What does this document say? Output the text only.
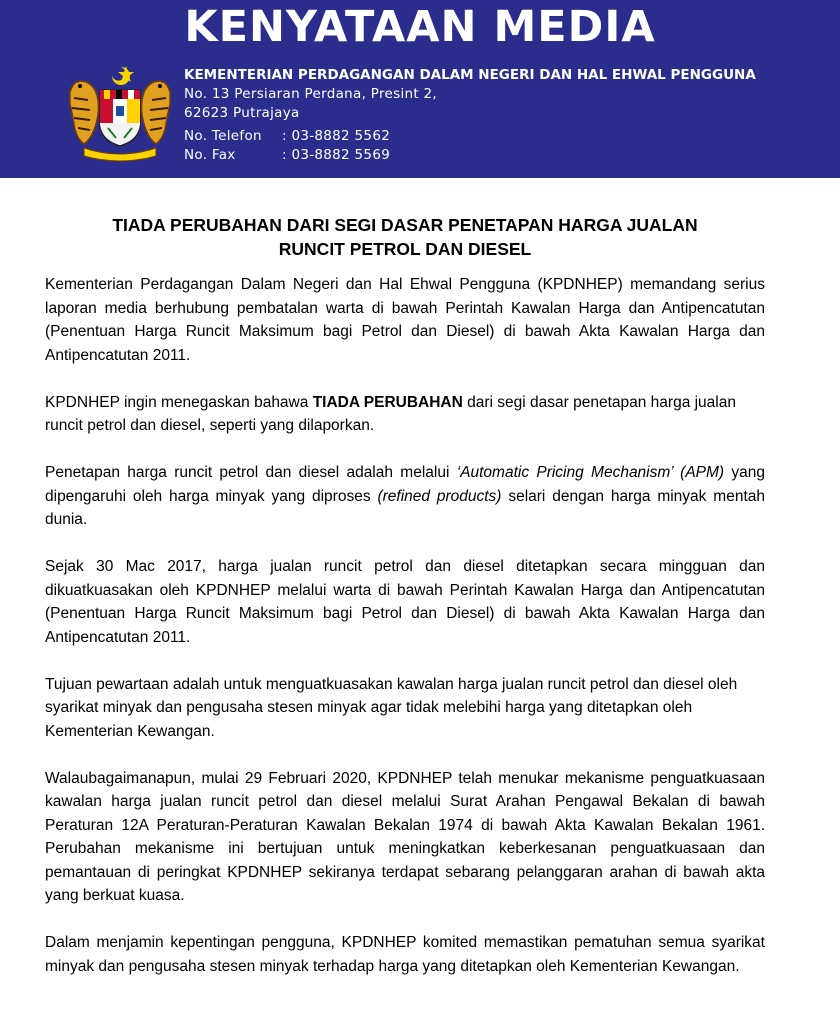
KENYATAAN MEDIA
KEMENTERIAN PERDAGANGAN DALAM NEGERI DAN HAL EHWAL PENGGUNA
No. 13 Persiaran Perdana, Presint 2,
62623 Putrajaya
No. Telefon	: 03-8882 5562
No. Fax	: 03-8882 5569
TIADA PERUBAHAN DARI SEGI DASAR PENETAPAN HARGA JUALAN
RUNCIT PETROL DAN DIESEL

Kementerian Perdagangan Dalam Negeri dan Hal Ehwal Pengguna (KPDNHEP) memandang serius laporan media berhubung pembatalan warta di bawah Perintah Kawalan Harga dan Antipencatutan (Penentuan Harga Runcit Maksimum bagi Petrol dan Diesel) di bawah Akta Kawalan Harga dan Antipencatutan 2011.

KPDNHEP ingin menegaskan bahawa TIADA PERUBAHAN dari segi dasar penetapan harga jualan runcit petrol dan diesel, seperti yang dilaporkan.

Penetapan harga runcit petrol dan diesel adalah melalui ‘Automatic Pricing Mechanism’ (APM) yang dipengaruhi oleh harga minyak yang diproses (refined products) selari dengan harga minyak mentah dunia.

Sejak 30 Mac 2017, harga jualan runcit petrol dan diesel ditetapkan secara mingguan dan dikuatkuasakan oleh KPDNHEP melalui warta di bawah Perintah Kawalan Harga dan Antipencatutan (Penentuan Harga Runcit Maksimum bagi Petrol dan Diesel) di bawah Akta Kawalan Harga dan Antipencatutan 2011.

Tujuan pewartaan adalah untuk menguatkuasakan kawalan harga jualan runcit petrol dan diesel oleh syarikat minyak dan pengusaha stesen minyak agar tidak melebihi harga yang ditetapkan oleh Kementerian Kewangan.

Walaubagaimanapun, mulai 29 Februari 2020, KPDNHEP telah menukar mekanisme penguatkuasaan kawalan harga jualan runcit petrol dan diesel melalui Surat Arahan Pengawal Bekalan di bawah Peraturan 12A Peraturan-Peraturan Kawalan Bekalan 1974 di bawah Akta Kawalan Bekalan 1961. Perubahan mekanisme ini bertujuan untuk meningkatkan keberkesanan penguatkuasaan dan pemantauan di peringkat KPDNHEP sekiranya terdapat sebarang pelanggaran arahan di bawah akta yang berkuat kuasa.

Dalam menjamin kepentingan pengguna, KPDNHEP komited memastikan pematuhan semua syarikat minyak dan pengusaha stesen minyak terhadap harga yang ditetapkan oleh Kementerian Kewangan.
